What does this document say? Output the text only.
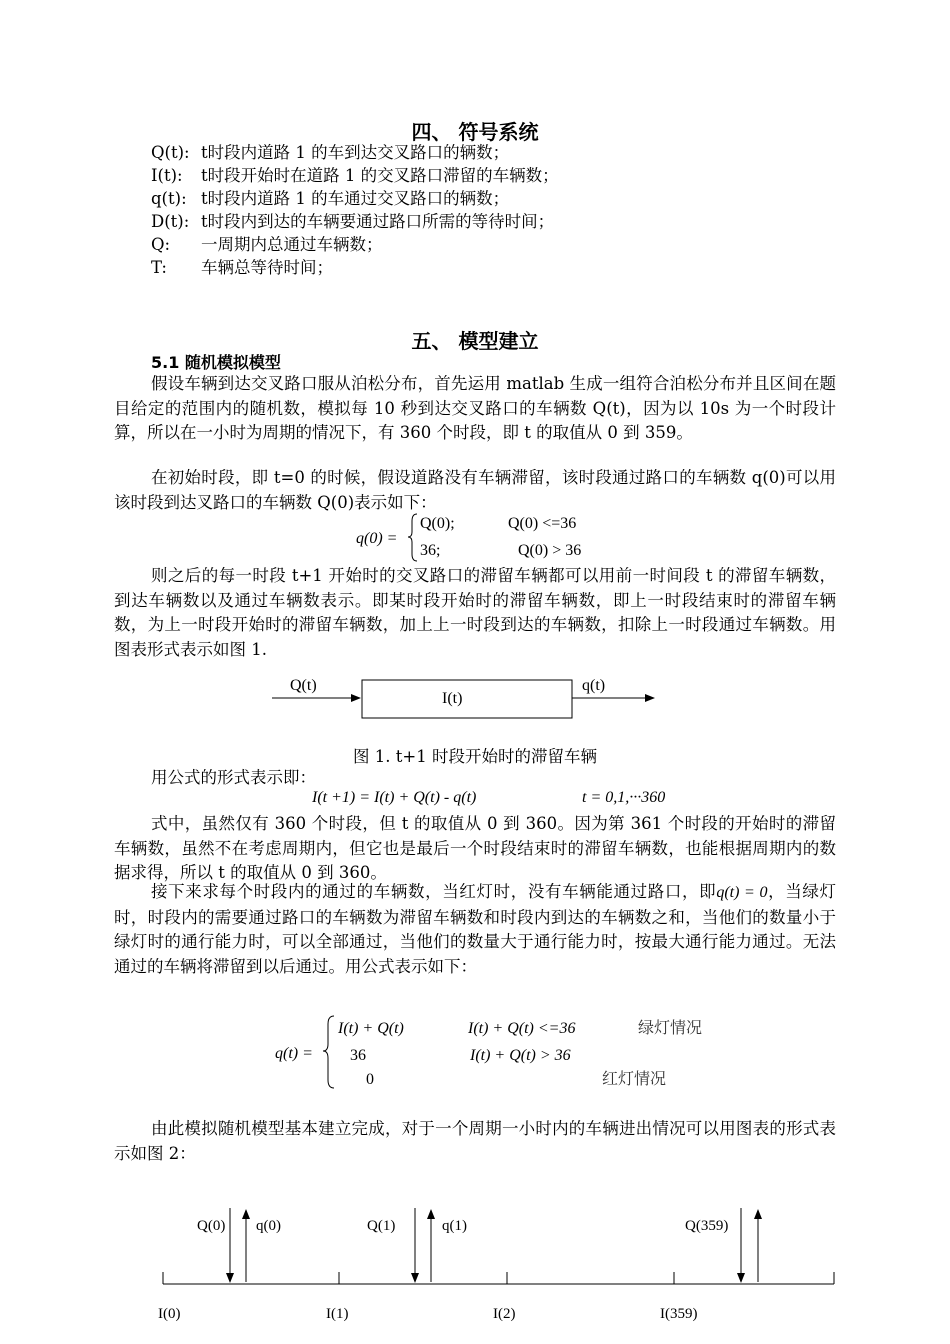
四、 符号系统
Q(t): t时段内道路 1 的车到达交叉路口的辆数；
I(t): t时段开始时在道路 1 的交叉路口滞留的车辆数；
q(t): t时段内道路 1 的车通过交叉路口的辆数；
D(t): t时段内到达的车辆要通过路口所需的等待时间；
Q: 一周期内总通过车辆数；
T: 车辆总等待时间；
五、 模型建立
5.1 随机模拟模型

假设车辆到达交叉路口服从泊松分布，首先运用 matlab 生成一组符合泊松分布并且区间在题目给定的范围内的随机数，模拟每 10 秒到达交叉路口的车辆数 Q(t)，因为以 10s 为一个时段计算，所以在一小时为周期的情况下，有 360 个时段，即 t 的取值从 0 到 359。

在初始时段，即 t=0 的时候，假设道路没有车辆滞留，该时段通过路口的车辆数 q(0)可以用该时段到达叉路口的车辆数 Q(0)表示如下：

q(0) =
Q(0);	Q(0) <=36
36;	Q(0) > 36

则之后的每一时段 t+1 开始时的交叉路口的滞留车辆都可以用前一时间段 t 的滞留车辆数，到达车辆数以及通过车辆数表示。即某时段开始时的滞留车辆数，即上一时段结束时的滞留车辆数，为上一时段开始时的滞留车辆数，加上上一时段到达的车辆数，扣除上一时段通过车辆数。用图表形式表示如图 1.

Q(t)
I(t)
q(t)
图 1. t+1 时段开始时的滞留车辆

用公式的形式表示即：

I(t +1) = I(t) + Q(t) - q(t)	t = 0,1,···360

式中，虽然仅有 360 个时段，但 t 的取值从 0 到 360。因为第 361 个时段的开始时的滞留车辆数，虽然不在考虑周期内，但它也是最后一个时段结束时的滞留车辆数，也能根据周期内的数据求得，所以 t 的取值从 0 到 360。

接下来求每个时段内的通过的车辆数，当红灯时，没有车辆能通过路口，即q(t) = 0，当绿灯时，时段内的需要通过路口的车辆数为滞留车辆数和时段内到达的车辆数之和，当他们的数量小于绿灯时的通行能力时，可以全部通过，当他们的数量大于通行能力时，按最大通行能力通过。无法通过的车辆将滞留到以后通过。用公式表示如下：

q(t) =
I(t) + Q(t)	I(t) + Q(t) <=36	绿灯情况
36	I(t) + Q(t) > 36
0	红灯情况

由此模拟随机模型基本建立完成，对于一个周期一小时内的车辆进出情况可以用图表的形式表示如图 2：

Q(0) q(0)	Q(1)	q(1)	Q(359)
I(0)	I(1)	I(2)	I(359)
